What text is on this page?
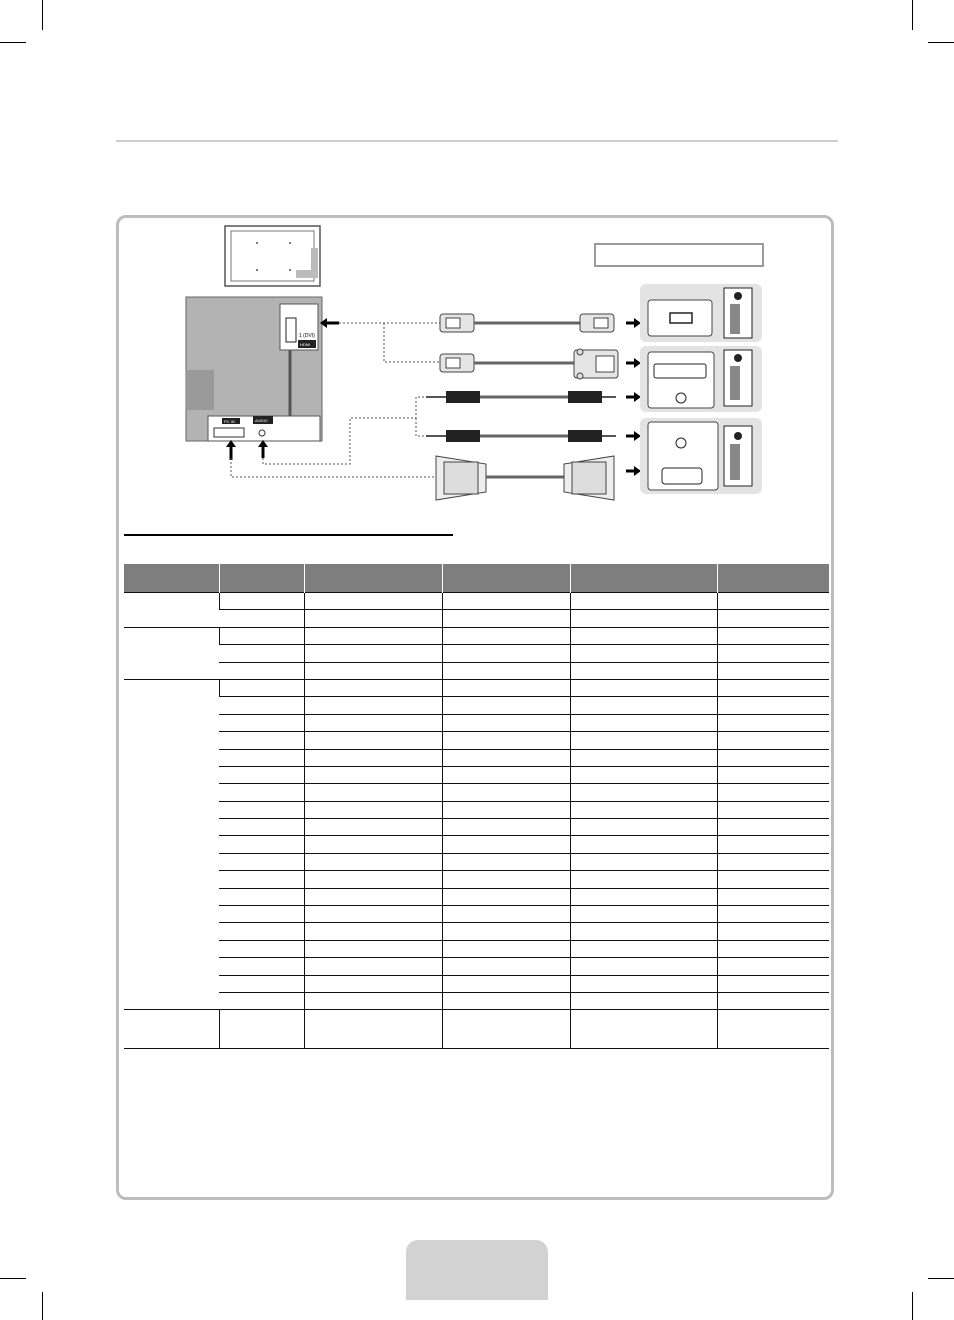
1 (DVI)
HDMI
PC IN	AUDIO
